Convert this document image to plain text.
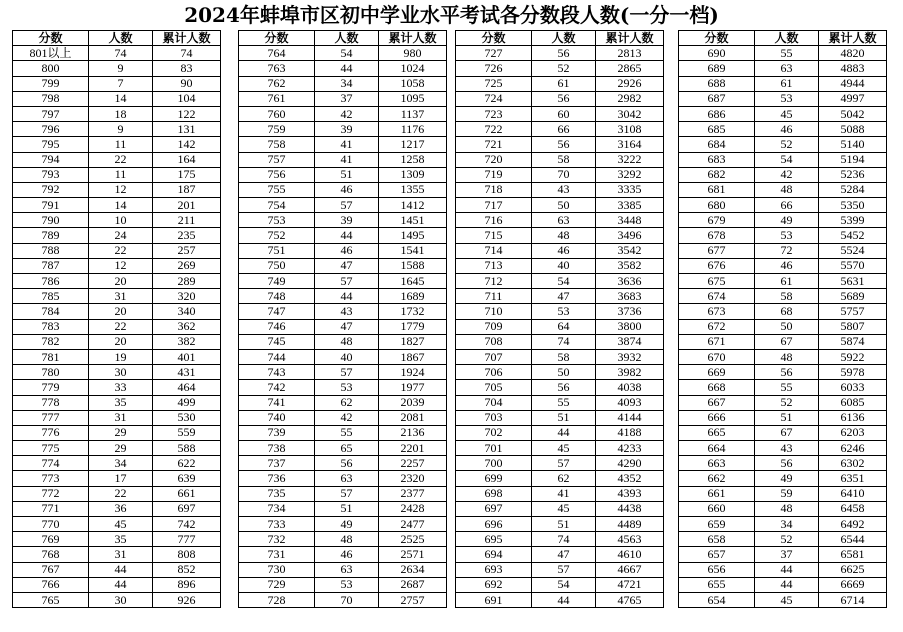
2024年蚌埠市区初中学业水平考试各分数段人数(一分一档)
分数	人数	累计人数
801以上	74	74
800	9	83
799	7	90
798	14	104
797	18	122
796	9	131
795	11	142
794	22	164
793	11	175
792	12	187
791	14	201
790	10	211
789	24	235
788	22	257
787	12	269
786	20	289
785	31	320
784	20	340
783	22	362
782	20	382
781	19	401
780	30	431
779	33	464
778	35	499
777	31	530
776	29	559
775	29	588
774	34	622
773	17	639
772	22	661
771	36	697
770	45	742
769	35	777
768	31	808
767	44	852
766	44	896
765	30	926
分数	人数	累计人数
764	54	980
763	44	1024
762	34	1058
761	37	1095
760	42	1137
759	39	1176
758	41	1217
757	41	1258
756	51	1309
755	46	1355
754	57	1412
753	39	1451
752	44	1495
751	46	1541
750	47	1588
749	57	1645
748	44	1689
747	43	1732
746	47	1779
745	48	1827
744	40	1867
743	57	1924
742	53	1977
741	62	2039
740	42	2081
739	55	2136
738	65	2201
737	56	2257
736	63	2320
735	57	2377
734	51	2428
733	49	2477
732	48	2525
731	46	2571
730	63	2634
729	53	2687
728	70	2757
分数	人数	累计人数
727	56	2813
726	52	2865
725	61	2926
724	56	2982
723	60	3042
722	66	3108
721	56	3164
720	58	3222
719	70	3292
718	43	3335
717	50	3385
716	63	3448
715	48	3496
714	46	3542
713	40	3582
712	54	3636
711	47	3683
710	53	3736
709	64	3800
708	74	3874
707	58	3932
706	50	3982
705	56	4038
704	55	4093
703	51	4144
702	44	4188
701	45	4233
700	57	4290
699	62	4352
698	41	4393
697	45	4438
696	51	4489
695	74	4563
694	47	4610
693	57	4667
692	54	4721
691	44	4765
分数	人数	累计人数
690	55	4820
689	63	4883
688	61	4944
687	53	4997
686	45	5042
685	46	5088
684	52	5140
683	54	5194
682	42	5236
681	48	5284
680	66	5350
679	49	5399
678	53	5452
677	72	5524
676	46	5570
675	61	5631
674	58	5689
673	68	5757
672	50	5807
671	67	5874
670	48	5922
669	56	5978
668	55	6033
667	52	6085
666	51	6136
665	67	6203
664	43	6246
663	56	6302
662	49	6351
661	59	6410
660	48	6458
659	34	6492
658	52	6544
657	37	6581
656	44	6625
655	44	6669
654	45	6714
